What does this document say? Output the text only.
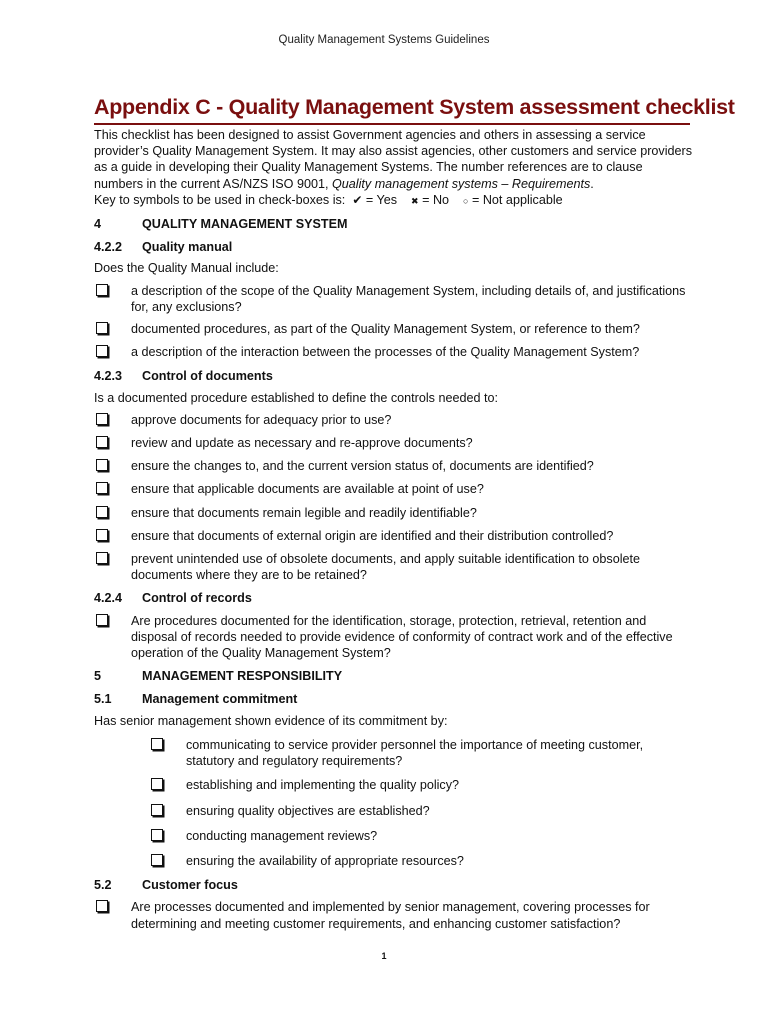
Quality Management Systems Guidelines
Appendix C - Quality Management System assessment checklist

This checklist has been designed to assist Government agencies and others in assessing a service provider’s Quality Management System. It may also assist agencies, other customers and service providers as a guide in developing their Quality Management Systems. The number references are to clause numbers in the current AS/NZS ISO 9001, Quality management systems – Requirements.

Key to symbols to be used in check-boxes is: ✔ = Yes ✖ = No ○ = Not applicable

4	QUALITY MANAGEMENT SYSTEM
4.2.2	Quality manual
Does the Quality Manual include:
a description of the scope of the Quality Management System, including details of, and justifications for, any exclusions?
documented procedures, as part of the Quality Management System, or reference to them?
a description of the interaction between the processes of the Quality Management System?
4.2.3	Control of documents
Is a documented procedure established to define the controls needed to:
approve documents for adequacy prior to use?
review and update as necessary and re-approve documents?
ensure the changes to, and the current version status of, documents are identified?
ensure that applicable documents are available at point of use?
ensure that documents remain legible and readily identifiable?
ensure that documents of external origin are identified and their distribution controlled?
prevent unintended use of obsolete documents, and apply suitable identification to obsolete documents where they are to be retained?
4.2.4	Control of records
Are procedures documented for the identification, storage, protection, retrieval, retention and disposal of records needed to provide evidence of conformity of contract work and of the effective operation of the Quality Management System?
5	MANAGEMENT RESPONSIBILITY
5.1	Management commitment
Has senior management shown evidence of its commitment by:
communicating to service provider personnel the importance of meeting customer, statutory and regulatory requirements?
establishing and implementing the quality policy?
ensuring quality objectives are established?
conducting management reviews?
ensuring the availability of appropriate resources?
5.2	Customer focus
Are processes documented and implemented by senior management, covering processes for determining and meeting customer requirements, and enhancing customer satisfaction?
1
